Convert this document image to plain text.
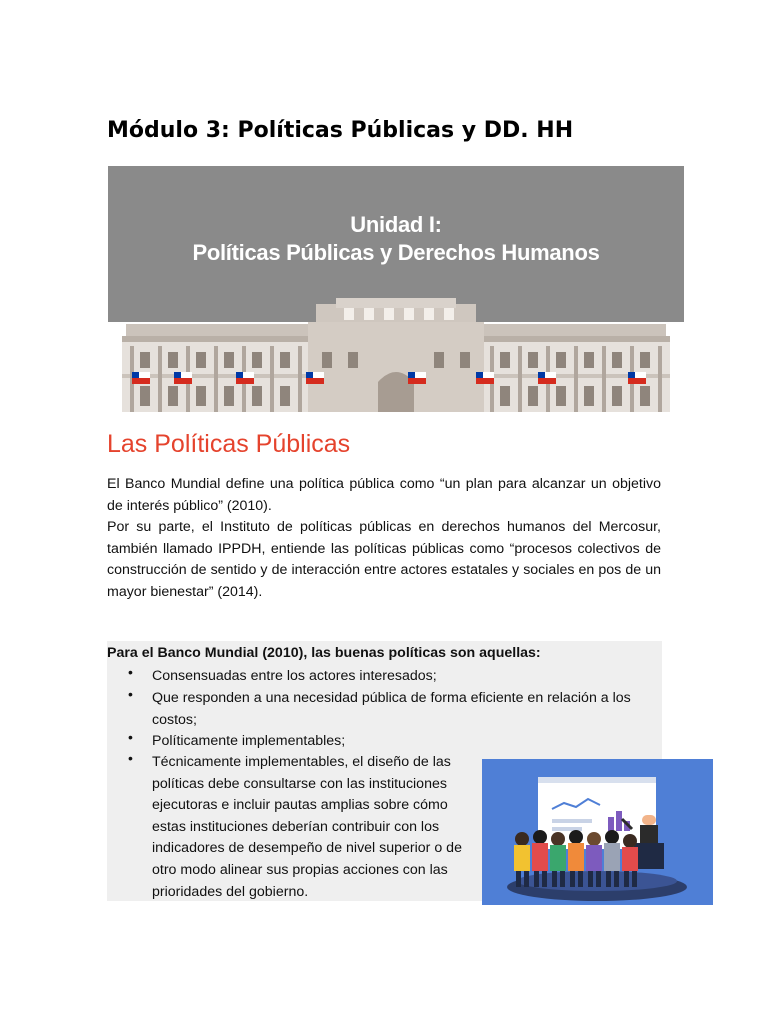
Módulo 3: Políticas Públicas y DD. HH
Unidad I:
Políticas Públicas y Derechos Humanos
Las Políticas Públicas

El Banco Mundial define una política pública como “un plan para alcanzar un objetivo de interés público” (2010).

Por su parte, el Instituto de políticas públicas en derechos humanos del Mercosur, también llamado IPPDH, entiende las políticas públicas como “procesos colectivos de construcción de sentido y de interacción entre actores estatales y sociales en pos de un mayor bienestar” (2014).

Para el Banco Mundial (2010), las buenas políticas son aquellas:

• Consensuadas entre los actores interesados;

• Que responden a una necesidad pública de forma eficiente en relación a los costos;

• Políticamente implementables;

• Técnicamente implementables, el diseño de las políticas debe consultarse con las instituciones ejecutoras e incluir pautas amplias sobre cómo estas instituciones deberían contribuir con los indicadores de desempeño de nivel superior o de otro modo alinear sus propias acciones con las prioridades del gobierno.
